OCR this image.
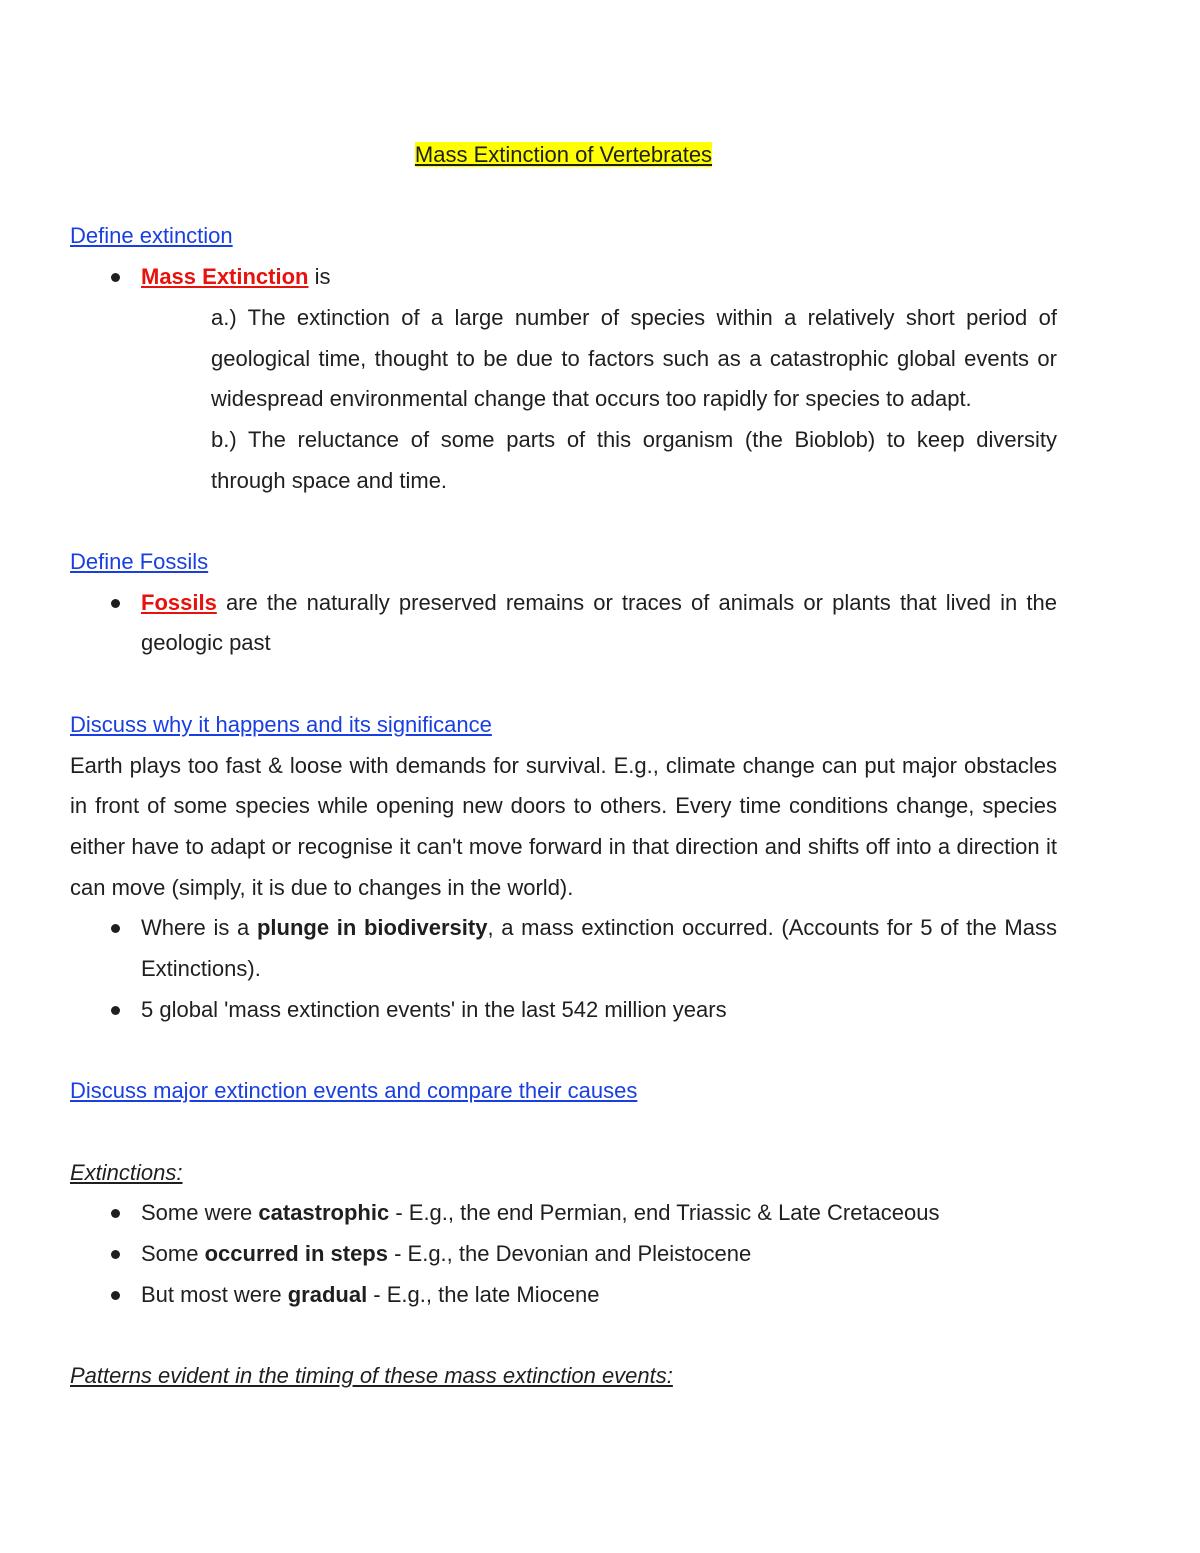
Mass Extinction of Vertebrates

Define extinction

Mass Extinction is

a.) The extinction of a large number of species within a relatively short period of geological time, thought to be due to factors such as a catastrophic global events or widespread environmental change that occurs too rapidly for species to adapt.

b.) The reluctance of some parts of this organism (the Bioblob) to keep diversity through space and time.

Define Fossils

Fossils are the naturally preserved remains or traces of animals or plants that lived in the geologic past

Discuss why it happens and its significance

Earth plays too fast & loose with demands for survival. E.g., climate change can put major obstacles in front of some species while opening new doors to others. Every time conditions change, species either have to adapt or recognise it can't move forward in that direction and shifts off into a direction it can move (simply, it is due to changes in the world).

Where is a plunge in biodiversity, a mass extinction occurred. (Accounts for 5 of the Mass Extinctions).
5 global 'mass extinction events' in the last 542 million years

Discuss major extinction events and compare their causes

Extinctions:

Some were catastrophic - E.g., the end Permian, end Triassic & Late Cretaceous
Some occurred in steps - E.g., the Devonian and Pleistocene
But most were gradual - E.g., the late Miocene

Patterns evident in the timing of these mass extinction events:
